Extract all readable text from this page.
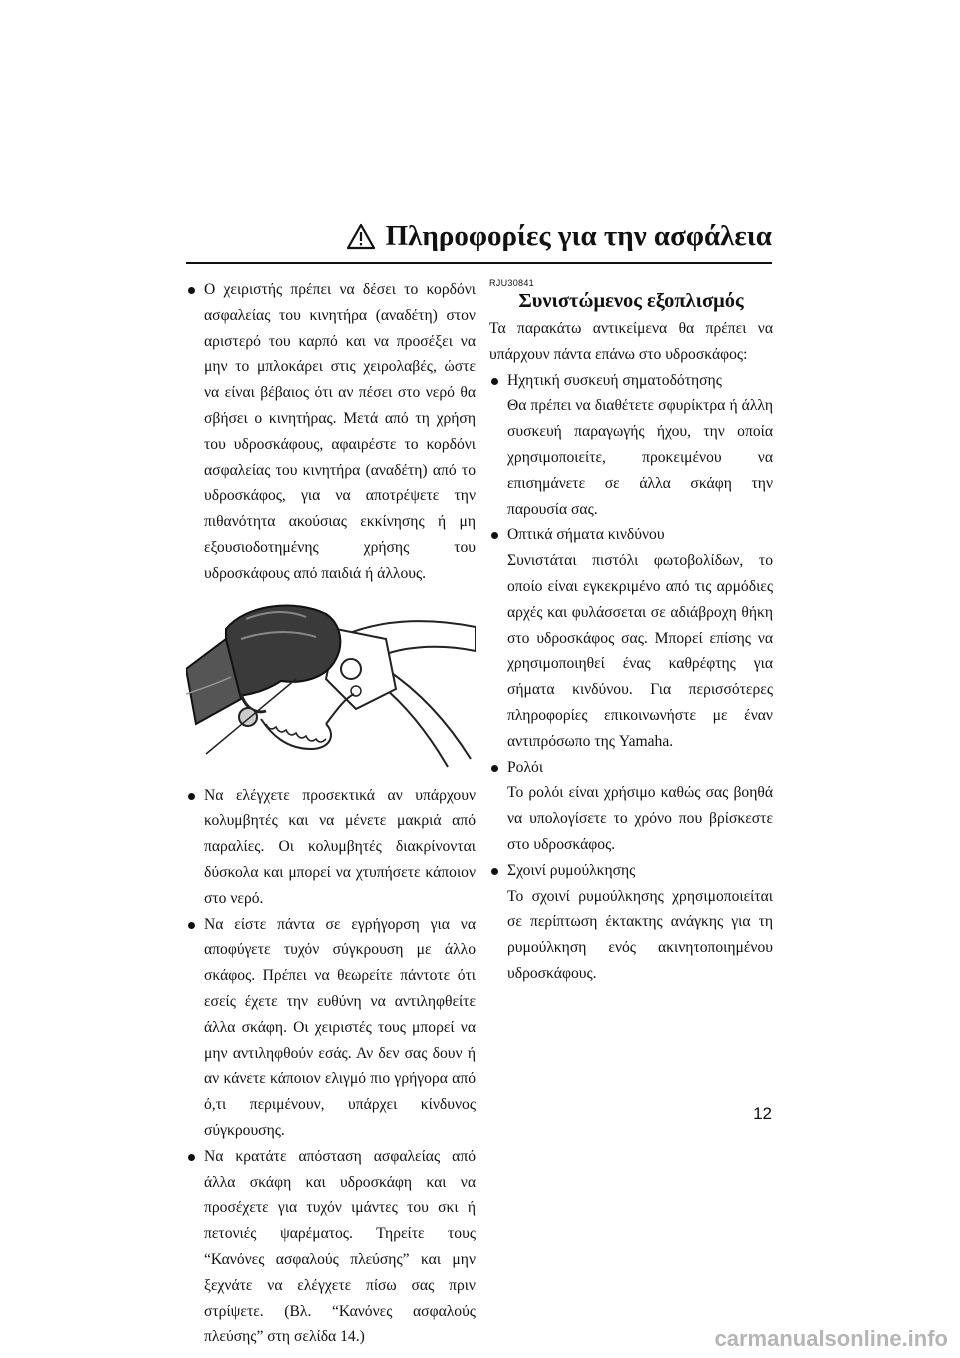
Πληροφορίες για την ασφάλεια
Ο χειριστής πρέπει να δέσει το κορδόνι ασφαλείας του κινητήρα (αναδέτη) στον αριστερό του καρπό και να προσέξει να μην το μπλοκάρει στις χειρολαβές, ώστε να είναι βέβαιος ότι αν πέσει στο νερό θα σβήσει ο κινητήρας. Μετά από τη χρήση του υδροσκάφους, αφαιρέστε το κορδόνι ασφαλείας του κινητήρα (αναδέτη) από το υδροσκάφος, για να αποτρέψετε την πιθανότητα ακούσιας εκκίνησης ή μη εξουσιοδοτημένης χρήσης του υδροσκάφους από παιδιά ή άλλους.
Να ελέγχετε προσεκτικά αν υπάρχουν κολυμβητές και να μένετε μακριά από παραλίες. Οι κολυμβητές διακρίνονται δύσκολα και μπορεί να χτυπήσετε κάποιον στο νερό.
Να είστε πάντα σε εγρήγορση για να αποφύγετε τυχόν σύγκρουση με άλλο σκάφος. Πρέπει να θεωρείτε πάντοτε ότι εσείς έχετε την ευθύνη να αντιληφθείτε άλλα σκάφη. Οι χειριστές τους μπορεί να μην αντιληφθούν εσάς. Αν δεν σας δουν ή αν κάνετε κάποιον ελιγμό πιο γρήγορα από ό,τι περιμένουν, υπάρχει κίνδυνος σύγκρουσης.
Να κρατάτε απόσταση ασφαλείας από άλλα σκάφη και υδροσκάφη και να προσέχετε για τυχόν ιμάντες του σκι ή πετονιές ψαρέματος. Τηρείτε τους “Κανόνες ασφαλούς πλεύσης” και μην ξεχνάτε να ελέγχετε πίσω σας πριν στρίψετε. (Βλ. “Κανόνες ασφαλούς πλεύσης” στη σελίδα 14.)
RJU30841
Συνιστώμενος εξοπλισμός

Τα παρακάτω αντικείμενα θα πρέπει να υπάρχουν πάντα επάνω στο υδροσκάφος:

Ηχητική συσκευή σηματοδότησης
Θα πρέπει να διαθέτετε σφυρίκτρα ή άλλη συσκευή παραγωγής ήχου, την οποία χρησιμοποιείτε, προκειμένου να επισημάνετε σε άλλα σκάφη την παρουσία σας.
Οπτικά σήματα κινδύνου
Συνιστάται πιστόλι φωτοβολίδων, το οποίο είναι εγκεκριμένο από τις αρμόδιες αρχές και φυλάσσεται σε αδιάβροχη θήκη στο υδροσκάφος σας. Μπορεί επίσης να χρησιμοποιηθεί ένας καθρέφτης για σήματα κινδύνου. Για περισσότερες πληροφορίες επικοινωνήστε με έναν αντιπρόσωπο της Yamaha.
Ρολόι
Το ρολόι είναι χρήσιμο καθώς σας βοηθά να υπολογίσετε το χρόνο που βρίσκεστε στο υδροσκάφος.
Σχοινί ρυμούλκησης
Το σχοινί ρυμούλκησης χρησιμοποιείται σε περίπτωση έκτακτης ανάγκης για τη ρυμούλκηση ενός ακινητοποιημένου υδροσκάφους.
12
carmanualsonline.info
